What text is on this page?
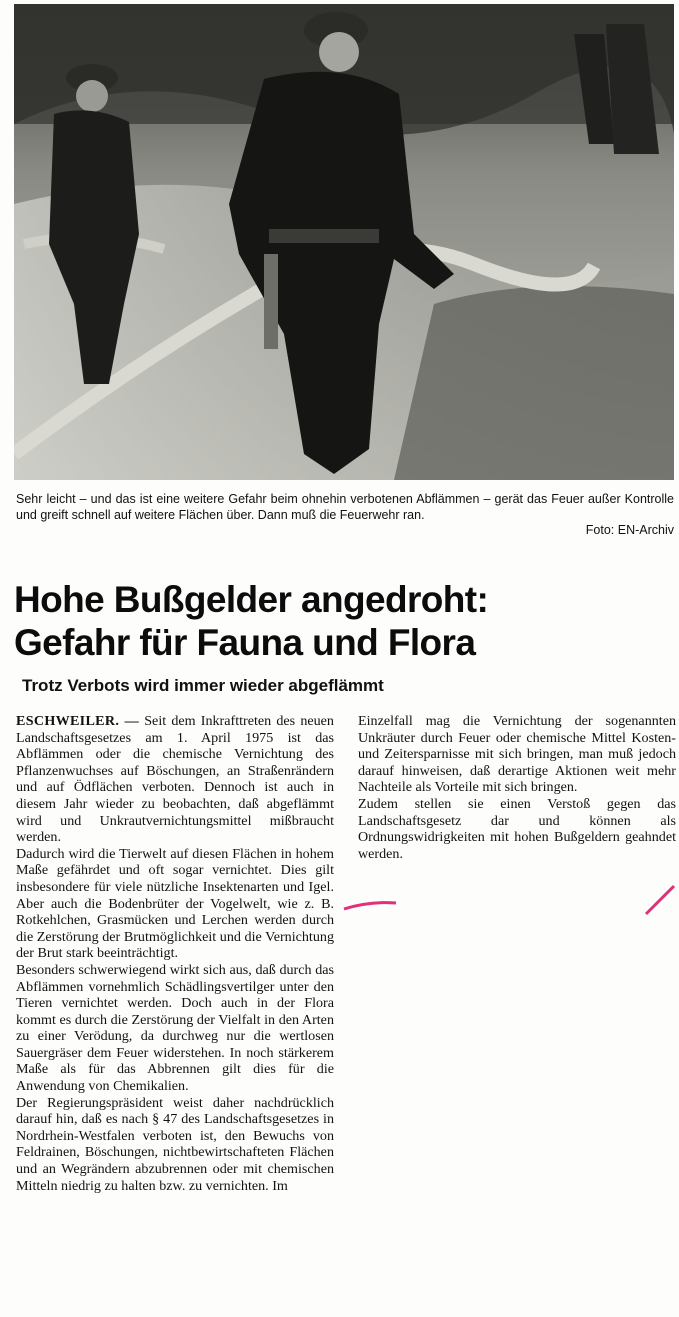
Sehr leicht – und das ist eine weitere Gefahr beim ohnehin verbotenen Abflämmen – gerät das Feuer außer Kontrolle und greift schnell auf weitere Flächen über. Dann muß die Feuerwehr ran.
Foto: EN-Archiv
Hohe Bußgelder angedroht:
Gefahr für Fauna und Flora
Trotz Verbots wird immer wieder abgeflämmt

ESCHWEILER. — Seit dem Inkrafttreten des neuen Landschaftsgesetzes am 1. April 1975 ist das Abflämmen oder die chemische Vernichtung des Pflanzenwuchses auf Böschungen, an Straßenrändern und auf Ödflächen verboten. Dennoch ist auch in diesem Jahr wieder zu beobachten, daß abgeflämmt wird und Unkrautvernichtungsmittel mißbraucht werden.

Dadurch wird die Tierwelt auf diesen Flächen in hohem Maße gefährdet und oft sogar vernichtet. Dies gilt insbesondere für viele nützliche Insektenarten und Igel. Aber auch die Bodenbrüter der Vogelwelt, wie z. B. Rotkehlchen, Grasmücken und Lerchen werden durch die Zerstörung der Brutmöglichkeit und die Vernichtung der Brut stark beeinträchtigt.

Besonders schwerwiegend wirkt sich aus, daß durch das Abflämmen vornehmlich Schädlingsvertilger unter den Tieren vernichtet werden. Doch auch in der Flora kommt es durch die Zerstörung der Vielfalt in den Arten zu einer Verödung, da durchweg nur die wertlosen Sauergräser dem Feuer widerstehen. In noch stärkerem Maße als für das Abbrennen gilt dies für die Anwendung von Chemikalien.

Der Regierungspräsident weist daher nachdrücklich darauf hin, daß es nach § 47 des Landschaftsgesetzes in Nordrhein-Westfalen verboten ist, den Bewuchs von Feldrainen, Böschungen, nichtbewirtschafteten Flächen und an Wegrändern abzubrennen oder mit chemischen Mitteln niedrig zu halten bzw. zu vernichten. Im

Einzelfall mag die Vernichtung der sogenannten Unkräuter durch Feuer oder chemische Mittel Kosten- und Zeitersparnisse mit sich bringen, man muß jedoch darauf hinweisen, daß derartige Aktionen weit mehr Nachteile als Vorteile mit sich bringen.

Zudem stellen sie einen Verstoß gegen das Landschaftsgesetz dar und können als Ordnungswidrigkeiten mit hohen Bußgeldern geahndet werden.
